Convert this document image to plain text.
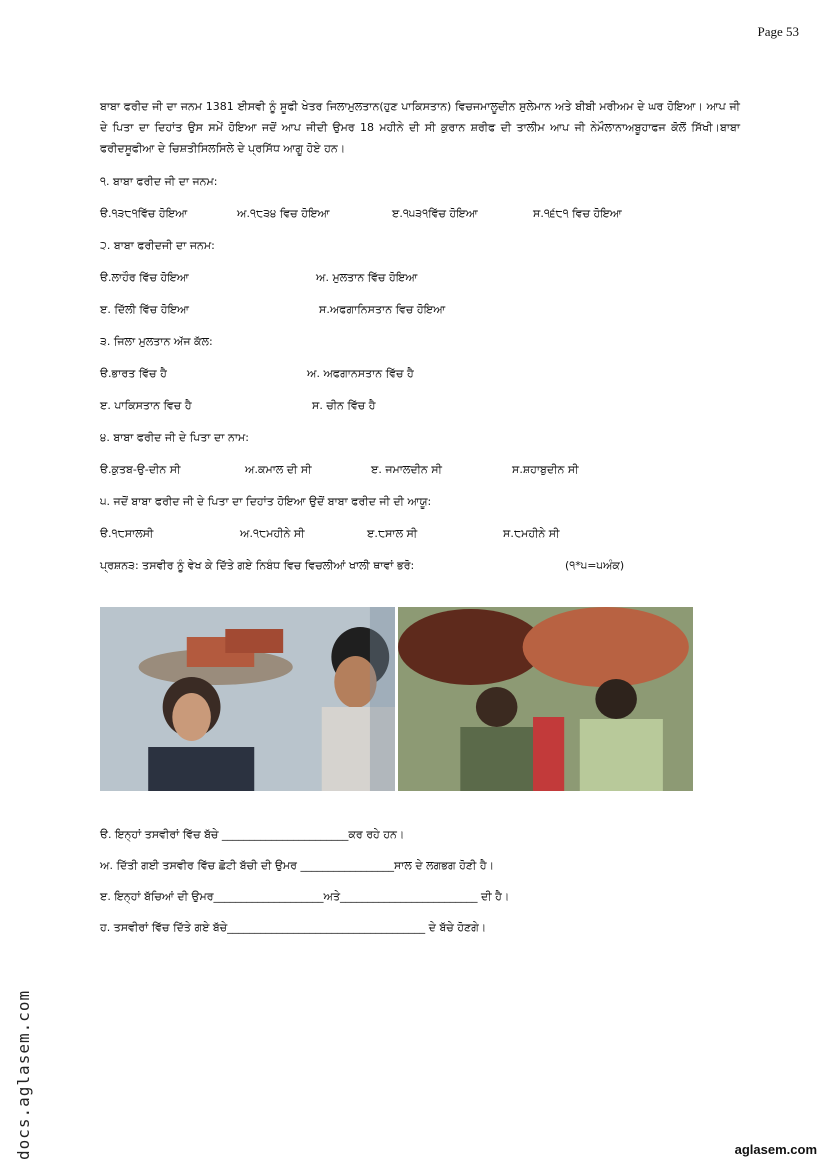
Page 53

ਬਾਬਾ ਫਰੀਦ ਜੀ ਦਾ ਜਨਮ 1381 ਈਸਵੀ ਨੂੰ ਸੂਫੀ ਖੇਤਰ ਜਿਲਾਮੁਲਤਾਨ(ਹੁਣ ਪਾਕਿਸਤਾਨ) ਵਿਚਜਮਾਲੂਦੀਨ ਸੁਲੇਮਾਨ ਅਤੇ ਬੀਬੀ ਮਰੀਅਮ ਦੇ ਘਰ ਹੋਇਆ। ਆਪ ਜੀ ਦੇ ਪਿਤਾ ਦਾ ਦਿਹਾਂਤ ਉਸ ਸਮੇਂ ਹੋਇਆ ਜਦੋਂ ਆਪ ਜੀਦੀ ਉਮਰ 18 ਮਹੀਨੇ ਦੀ ਸੀ ਕੁਰਾਨ ਸ਼ਰੀਫ ਦੀ ਤਾਲੀਮ ਆਪ ਜੀ ਨੇਮੌਲਾਨਾਅਬੂਹਾਫਜ ਕੋਲੋਂ ਸਿੱਖੀ।ਬਾਬਾ ਫਰੀਦਸੂਫੀਆ ਦੇ ਚਿਸ਼ਤੀਸਿਲਸਿਲੇ ਦੇ ਪ੍ਰਸਿੱਧ ਆਗੂ ਹੋਏ ਹਨ।

੧. ਬਾਬਾ ਫਰੀਦ ਜੀ ਦਾ ਜਨਮ:
ੳ.੧੩੮੧ਵਿੱਚ ਹੋਇਆ	ਅ.੧੮੩੪ ਵਿਚ ਹੋਇਆ	ੲ.੧੫੩੧ਵਿੱਚ ਹੋਇਆ	ਸ.੧੬੮੧ ਵਿਚ ਹੋਇਆ
੨. ਬਾਬਾ ਫਰੀਦਜੀ ਦਾ ਜਨਮ:
ੳ.ਲਾਹੌਰ ਵਿੱਚ ਹੋਇਆ	ਅ. ਮੁਲਤਾਨ ਵਿੱਚ ਹੋਇਆ
ੲ. ਦਿੱਲੀ ਵਿੱਚ ਹੋਇਆ	ਸ.ਅਫਗਾਨਿਸਤਾਨ ਵਿਚ ਹੋਇਆ
੩. ਜਿਲਾ ਮੁਲਤਾਨ ਅੱਜ ਕੱਲ:
ੳ.ਭਾਰਤ ਵਿੱਚ ਹੈ	ਅ. ਅਫਗਾਨਸਤਾਨ ਵਿੱਚ ਹੈ
ੲ. ਪਾਕਿਸਤਾਨ ਵਿਚ ਹੈ	ਸ. ਚੀਨ ਵਿੱਚ ਹੈ
੪. ਬਾਬਾ ਫਰੀਦ ਜੀ ਦੇ ਪਿਤਾ ਦਾ ਨਾਮ:
ੳ.ਕੁਤਬ-ਉ-ਦੀਨ ਸੀ	ਅ.ਕਮਾਲ ਦੀ ਸੀ	ੲ. ਜਮਾਲਦੀਨ ਸੀ	ਸ.ਸ਼ਹਾਬੁਦੀਨ ਸੀ
੫. ਜਦੋਂ ਬਾਬਾ ਫਰੀਦ ਜੀ ਦੇ ਪਿਤਾ ਦਾ ਦਿਹਾਂਤ ਹੋਇਆ ਉਦੋਂ ਬਾਬਾ ਫਰੀਦ ਜੀ ਦੀ ਆਯੂ:
ੳ.੧੮ਸਾਲਸੀ	ਅ.੧੮ਮਹੀਨੇ ਸੀ	ੲ.੮ਸਾਲ ਸੀ	ਸ.੮ਮਹੀਨੇ ਸੀ
ਪ੍ਰਸ਼ਨ੩: ਤਸਵੀਰ ਨੂੰ ਵੇਖ ਕੇ ਦਿੱਤੇ ਗਏ ਨਿਬੰਧ ਵਿਚ ਵਿਚਲੀਆਂ ਖਾਲੀ ਥਾਵਾਂ ਭਰੋ:	(੧*੫=੫ਅੰਕ)
ੳ. ਇਨ੍ਹਾਂ ਤਸਵੀਰਾਂ ਵਿੱਚ ਬੱਚੇ _______________________ਕਰ ਰਹੇ ਹਨ।
ਅ. ਦਿੱਤੀ ਗਈ ਤਸਵੀਰ ਵਿੱਚ ਛੋਟੀ ਬੱਚੀ ਦੀ ਉਮਰ _________________ਸਾਲ ਦੇ ਲਗਭਗ ਹੋਣੀ ਹੈ।
ੲ. ਇਨ੍ਹਾਂ ਬੱਚਿਆਂ ਦੀ ਉਮਰ____________________ਅਤੇ_________________________ ਦੀ ਹੈ।
ਹ. ਤਸਵੀਰਾਂ ਵਿੱਚ ਦਿੱਤੇ ਗਏ ਬੱਚੇ____________________________________ ਦੇ ਬੱਚੇ ਹੋਣਗੇ।
docs.aglasem.com	aglasem.com
